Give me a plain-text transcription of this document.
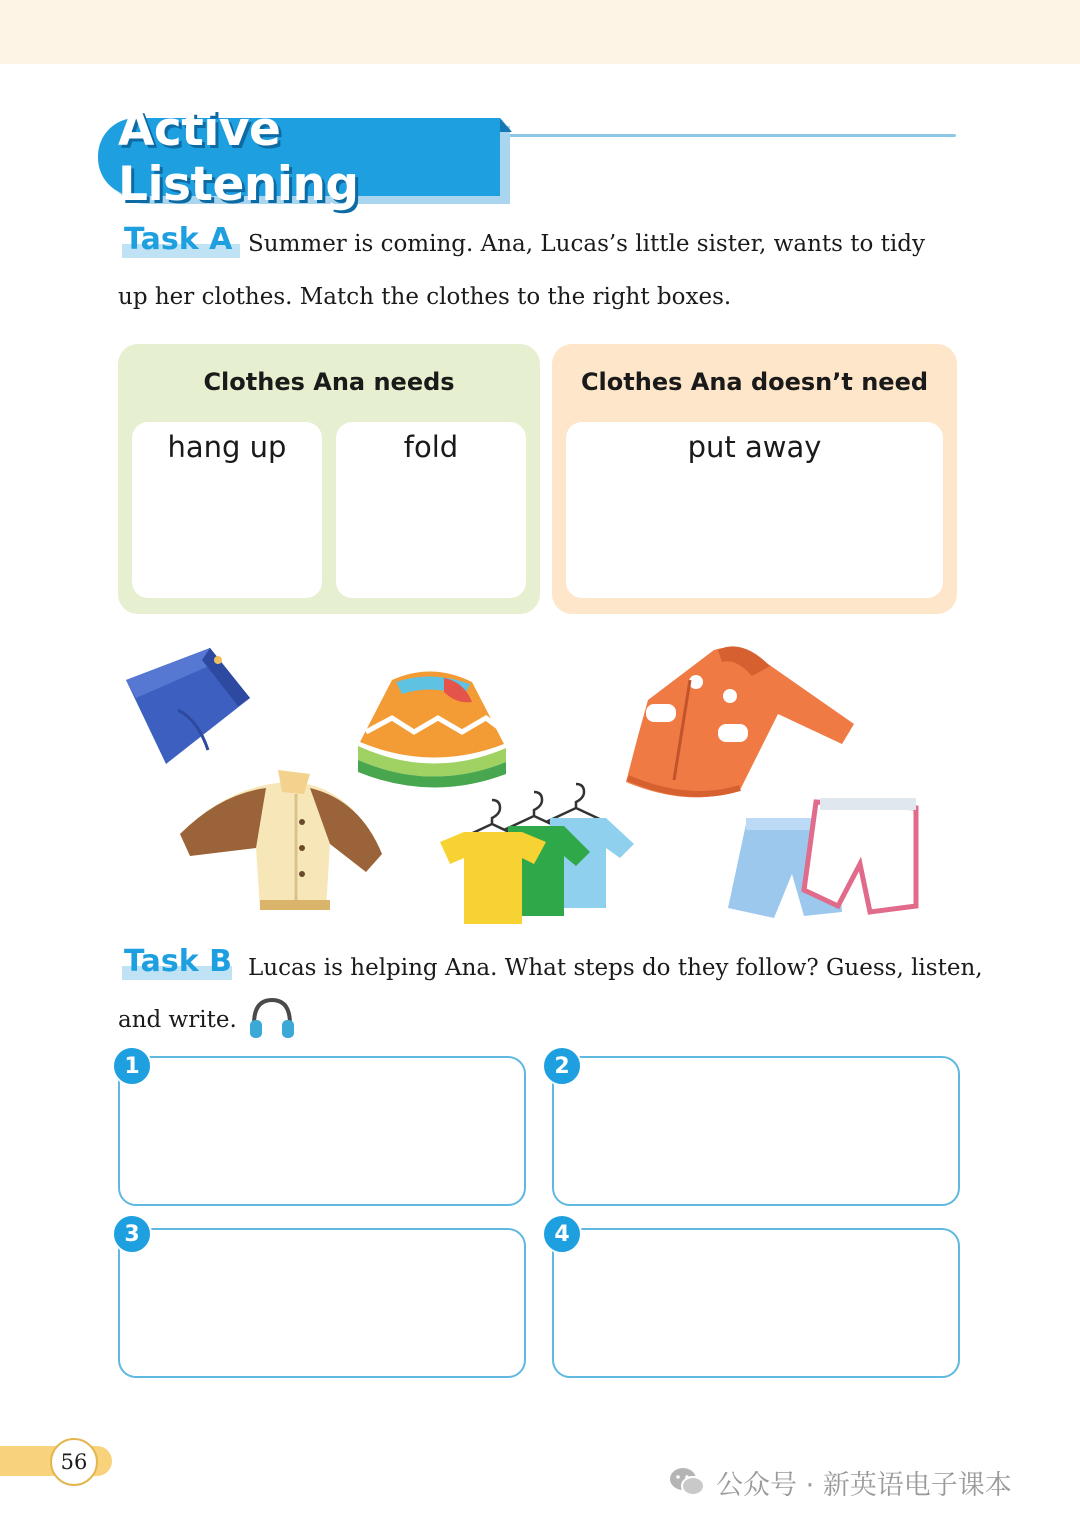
Active Listening
Task A Summer is coming. Ana, Lucas’s little sister, wants to tidy
up her clothes. Match the clothes to the right boxes.
Clothes Ana needs
hang up	fold
Clothes Ana doesn’t need
put away
Task B Lucas is helping Ana. What steps do they follow? Guess, listen,
and write.
1	2
3	4
56
公众号 · 新英语电子课本
